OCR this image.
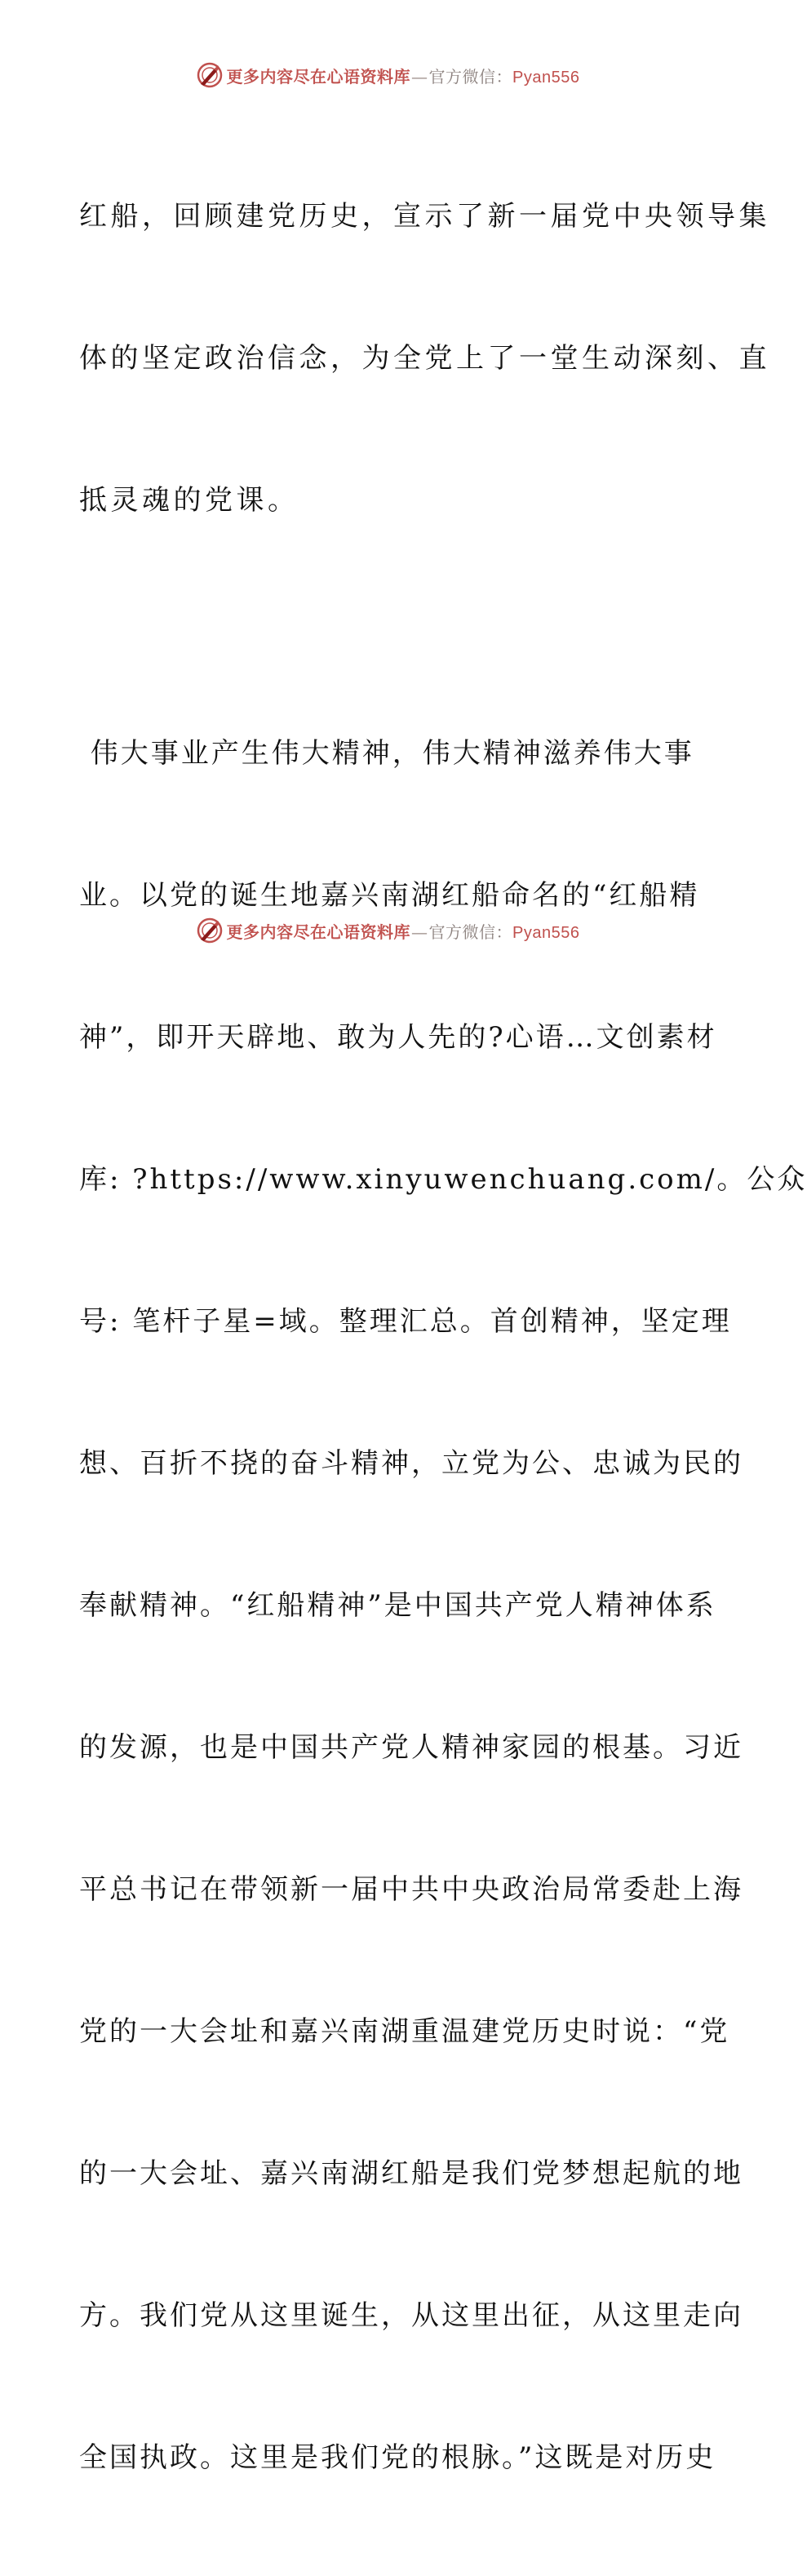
更多内容尽在心语资料库 — 官方微信： Pyan556

红船，回顾建党历史，宣示了新一届党中央领导集

体的坚定政治信念，为全党上了一堂生动深刻、直

抵灵魂的党课。

伟大事业产生伟大精神，伟大精神滋养伟大事

业。以党的诞生地嘉兴南湖红船命名的“红船精

神”，即开天辟地、敢为人先的?心语…文创素材

库: ?https://www.xinyuwenchuang.com/。公众

号: 笔杆子星=域。整理汇总。首创精神，坚定理

想、百折不挠的奋斗精神，立党为公、忠诚为民的

奉献精神。“红船精神”是中国共产党人精神体系

的发源，也是中国共产党人精神家园的根基。习近

平总书记在带领新一届中共中央政治局常委赴上海

党的一大会址和嘉兴南湖重温建党历史时说：“党

的一大会址、嘉兴南湖红船是我们党梦想起航的地

方。我们党从这里诞生，从这里出征，从这里走向

全国执政。这里是我们党的根脉。”这既是对历史

更多内容尽在心语资料库 — 官方微信： Pyan556
